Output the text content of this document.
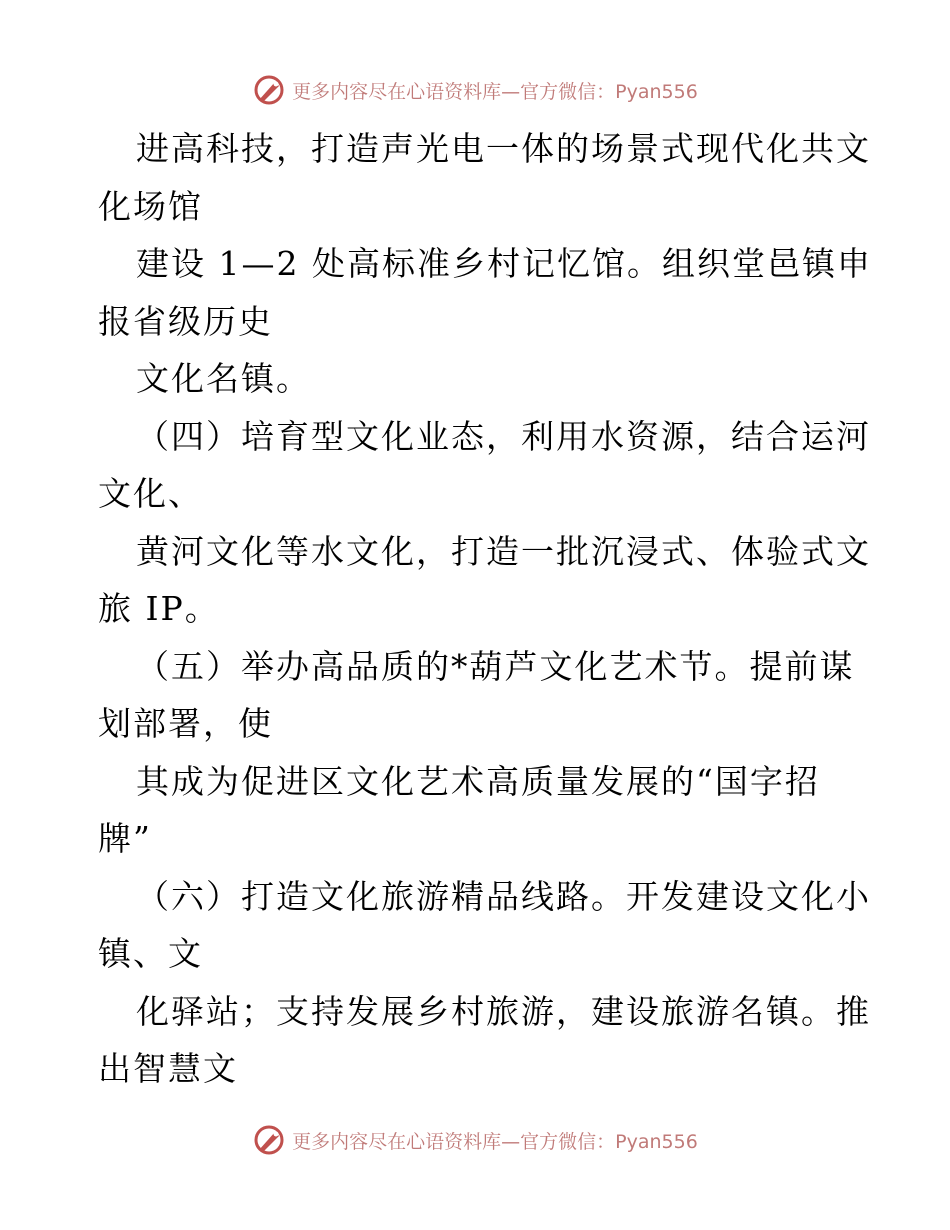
更多内容尽在心语资料库—官方微信：Pyan556
进高科技，打造声光电一体的场景式现代化共文
化场馆
建设 1—2 处高标准乡村记忆馆。组织堂邑镇申
报省级历史
文化名镇。
（四）培育型文化业态，利用水资源，结合运河
文化、
黄河文化等水文化，打造一批沉浸式、体验式文
旅 IP。
（五）举办高品质的*葫芦文化艺术节。提前谋
划部署，使
其成为促进区文化艺术高质量发展的“国字招
牌”
（六）打造文化旅游精品线路。开发建设文化小
镇、文
化驿站；支持发展乡村旅游，建设旅游名镇。推
出智慧文
更多内容尽在心语资料库—官方微信：Pyan556
